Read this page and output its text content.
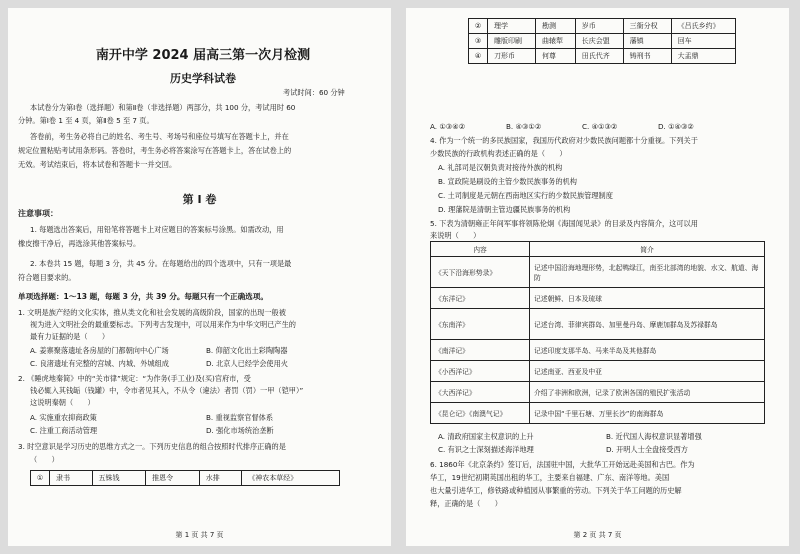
南开中学 2024 届高三第一次月检测
历史学科试卷
考试时间：60 分钟
本试卷分为第Ⅰ卷（选择题）和第Ⅱ卷（非选择题）两部分，共 100 分，考试用时 60
分钟。第Ⅰ卷 1 至 4 页，第Ⅱ卷 5 至 7 页。
答卷前，考生务必将自己的姓名、考生号、考场号和座位号填写在答题卡上，并在
规定位置粘贴考试用条形码。答卷时，考生务必将答案涂写在答题卡上，答在试卷上的
无效。考试结束后，将本试卷和答题卡一并交回。
第 Ⅰ 卷
注意事项：
1. 每题选出答案后，用铅笔将答题卡上对应题目的答案标号涂黑。如需改动，用
橡皮擦干净后，再选涂其他答案标号。
2. 本卷共 15 题，每题 3 分，共 45 分。在每题给出的四个选项中，只有一项是最
符合题目要求的。
单项选择题：1～13 题，每题 3 分，共 39 分。每题只有一个正确选项。
1. 文明是族产经的文化实体，推从类文化和社会发展的高级阶段，国家的出现一般被
视为进入文明社会的最重要标志。下列考古发现中，可以用来作为中华文明已产生的
最有力证据的是（　　）
A. 姜寨聚落遗址各房屋的门都朝向中心广场	B. 仰韶文化出土彩陶陶器
C. 良渚遗址有完整的宫城、内城、外城组成	D. 北京人已经学会使用火
2. 《睡虎地秦简》中的“关市律”规定：“为作务(手工业)及(买)官府市，受
钱必辄入其钱缿（钱罐）中，令市者见其入，不从令（違法）者罚（罚）一甲（铠甲）”
这说明秦朝（　　）
A. 实施重农抑商政策	B. 重视监察官督体系
C. 注重工商活动管理	D. 强化市场统治垄断
3. 时空意识是学习历史的思维方式之一。下列历史信息的组合按照时代排序正确的是
（　　）
①	隶书	五铢钱	推恩令	水排	《神农本草经》
第 1 页 共 7 页
②	理学	勘测	岁币	三衙分权	《吕氏乡约》
③	雕版印刷	曲辕犁	长庆会盟	藩镇	回车
④	刀形币	何尊	田氏代齐	铸刑书	大盂鼎
A. ①③④②	B. ④③①②	C. ④①③②	D. ①④③②
4. 作为一个统一的多民族国家，我国历代政府对少数民族问题都十分重视。下列关于
少数民族的行政机构表述正确的是（　　）
A. 礼部司是汉朝负责对接待外族的机构
B. 宣政院是刷设的主管少数民族事务的机构
C. 土司制度是元朝在西南地区实行的少数民族管理制度
D. 理藩院是清朝主管边疆民族事务的机构
5. 下表为清朝雍正年间军事将领陈伦炯《海国闻见录》的目录及内容简介，这可以用
来说明（　　）
内容	简介
《天下沿海形势录》	记述中国沿海地理形势，北起鸭绿江，南至北部湾的地貌、水文、航道、海防
《东洋记》	记述朝鲜、日本及琉球
《东南洋》	记述台湾、菲律宾群岛、加里曼丹岛、摩鹿加群岛及苏禄群岛
《南洋记》	记述印度支那半岛、马来半岛及其他群岛
《小西洋记》	记述南亚、西亚及中亚
《大西洋记》	介绍了非洲和欧洲，记录了欧洲各国的殖民扩张活动
《昆仑记》《南澳气记》	记录中国“千里石塘、万里长沙”的南海群岛
A. 清政府国家主权意识的上升	B. 近代国人海权意识显著增强
C. 有识之士深刻描述海洋地理	D. 开明人士全盘接受西方
6. 1860年《北京条约》签订后，法国驻中国，大批华工开始远赴美国和古巴。作为
华工，19世纪初期英国出租的华工，主要来自福建、广东、南洋等地。美国
也大量引进华工，修铁路或种植园从事繁重的劳动。下列关于华工问题的历史解
释，正确的是（　　）
第 2 页 共 7 页
